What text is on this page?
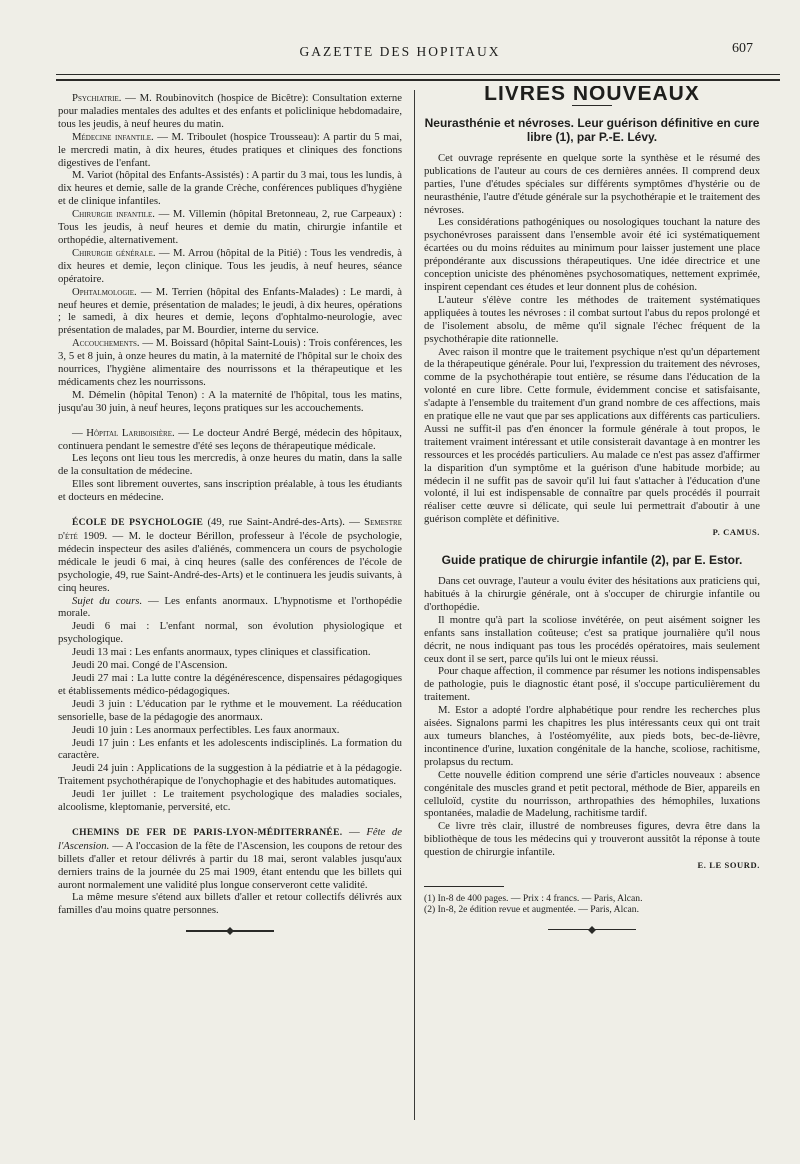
GAZETTE DES HOPITAUX	607

Psychiatrie. — M. Roubinovitch (hospice de Bicêtre): Consultation externe pour maladies mentales des adultes et des enfants et policlinique hebdomadaire, tous les jeudis, à neuf heures du matin.

Médecine infantile. — M. Triboulet (hospice Trousseau): A partir du 5 mai, le mercredi matin, à dix heures, études pratiques et cliniques des fonctions digestives de l'enfant.

M. Variot (hôpital des Enfants-Assistés) : A partir du 3 mai, tous les lundis, à dix heures et demie, salle de la grande Crèche, conférences publiques d'hygiène et de clinique infantiles.

Chirurgie infantile. — M. Villemin (hôpital Bretonneau, 2, rue Carpeaux) : Tous les jeudis, à neuf heures et demie du matin, chirurgie infantile et orthopédie, alternativement.

Chirurgie générale. — M. Arrou (hôpital de la Pitié) : Tous les vendredis, à dix heures et demie, leçon clinique. Tous les jeudis, à neuf heures, séance opératoire.

Ophtalmologie. — M. Terrien (hôpital des Enfants-Malades) : Le mardi, à neuf heures et demie, présentation de malades; le jeudi, à dix heures, opérations ; le samedi, à dix heures et demie, leçons d'ophtalmo-neurologie, avec présentation de malades, par M. Bourdier, interne du service.

Accouchements. — M. Boissard (hôpital Saint-Louis) : Trois conférences, les 3, 5 et 8 juin, à onze heures du matin, à la maternité de l'hôpital sur le choix des nourrices, l'hygiène alimentaire des nourrissons et la thérapeutique et les médicaments chez les nourrissons.

M. Démelin (hôpital Tenon) : A la maternité de l'hôpital, tous les matins, jusqu'au 30 juin, à neuf heures, leçons pratiques sur les accouchements.

— Hôpital Lariboisière. — Le docteur André Bergé, médecin des hôpitaux, continuera pendant le semestre d'été ses leçons de thérapeutique médicale.

Les leçons ont lieu tous les mercredis, à onze heures du matin, dans la salle de la consultation de médecine.

Elles sont librement ouvertes, sans inscription préalable, à tous les étudiants et docteurs en médecine.

ÉCOLE DE PSYCHOLOGIE (49, rue Saint-André-des-Arts). — Semestre d'été 1909. — M. le docteur Bérillon, professeur à l'école de psychologie, médecin inspecteur des asiles d'aliénés, commencera un cours de psychologie médicale le jeudi 6 mai, à cinq heures (salle des conférences de l'école de psychologie, 49, rue Saint-André-des-Arts) et le continuera les jeudis suivants, à cinq heures.

Sujet du cours. — Les enfants anormaux. L'hypnotisme et l'orthopédie morale.

Jeudi 6 mai : L'enfant normal, son évolution physiologique et psychologique.

Jeudi 13 mai : Les enfants anormaux, types cliniques et classification.

Jeudi 20 mai. Congé de l'Ascension.

Jeudi 27 mai : La lutte contre la dégénérescence, dispensaires pédagogiques et établissements médico-pédagogiques.

Jeudi 3 juin : L'éducation par le rythme et le mouvement. La rééducation sensorielle, base de la pédagogie des anormaux.

Jeudi 10 juin : Les anormaux perfectibles. Les faux anormaux.

Jeudi 17 juin : Les enfants et les adolescents indisciplinés. La formation du caractère.

Jeudi 24 juin : Applications de la suggestion à la pédiatrie et à la pédagogie. Traitement psychothérapique de l'onychophagie et des habitudes automatiques.

Jeudi 1er juillet : Le traitement psychologique des maladies sociales, alcoolisme, kleptomanie, perversité, etc.

CHEMINS DE FER DE PARIS-LYON-MÉDITERRANÉE. — Fête de l'Ascension. — A l'occasion de la fête de l'Ascension, les coupons de retour des billets d'aller et retour délivrés à partir du 18 mai, seront valables jusqu'aux derniers trains de la journée du 25 mai 1909, étant entendu que les billets qui auront normalement une validité plus longue conserveront cette validité.

La même mesure s'étend aux billets d'aller et retour collectifs délivrés aux familles d'au moins quatre personnes.

LIVRES NOUVEAUX
Neurasthénie et névroses. Leur guérison définitive en cure libre (1), par P.-E. Lévy.

Cet ouvrage représente en quelque sorte la synthèse et le résumé des publications de l'auteur au cours de ces dernières années. Il comprend deux parties, l'une d'études spéciales sur différents symptômes d'hystérie ou de neurasthénie, l'autre d'étude générale sur la psychothérapie et le traitement des névroses.

Les considérations pathogéniques ou nosologiques touchant la nature des psychonévroses paraissent dans l'ensemble avoir été ici systématiquement écartées ou du moins réduites au minimum pour laisser justement une place prépondérante aux discussions thérapeutiques. Une idée directrice et une conception uniciste des phénomènes psychosomatiques, nettement exprimée, inspirent cependant ces études et leur donnent plus de cohésion.

L'auteur s'élève contre les méthodes de traitement systématiques appliquées à toutes les névroses : il combat surtout l'abus du repos prolongé et de l'isolement absolu, de même qu'il signale l'échec fréquent de la psychothérapie dite rationnelle.

Avec raison il montre que le traitement psychique n'est qu'un département de la thérapeutique générale. Pour lui, l'expression du traitement des névroses, comme de la psychothérapie tout entière, se résume dans l'éducation de la volonté en cure libre. Cette formule, évidemment concise et satisfaisante, s'adapte à l'ensemble du traitement d'un grand nombre de ces affections, mais en pratique elle ne vaut que par ses applications aux différents cas particuliers. Aussi ne suffit-il pas d'en énoncer la formule générale à tout propos, le traitement vraiment intéressant et utile consisterait davantage à en montrer les ressources et les procédés particuliers. Au malade ce n'est pas assez d'affirmer la disparition d'un symptôme et la guérison d'une habitude morbide; au médecin il ne suffit pas de savoir qu'il lui faut s'attacher à l'éducation d'une volonté, il lui est indispensable de connaître par quels procédés il pourrait réaliser cette œuvre si délicate, qui seule lui permettrait d'aboutir à une guérison complète et définitive.

P. CAMUS.
Guide pratique de chirurgie infantile (2), par E. Estor.

Dans cet ouvrage, l'auteur a voulu éviter des hésitations aux praticiens qui, habitués à la chirurgie générale, ont à s'occuper de chirurgie infantile ou d'orthopédie.

Il montre qu'à part la scoliose invétérée, on peut aisément soigner les enfants sans installation coûteuse; c'est sa pratique journalière qu'il nous décrit, ne nous indiquant pas tous les procédés opératoires, mais seulement ceux dont il se sert, parce qu'ils lui ont le mieux réussi.

Pour chaque affection, il commence par résumer les notions indispensables de pathologie, puis le diagnostic étant posé, il s'occupe particulièrement du traitement.

M. Estor a adopté l'ordre alphabétique pour rendre les recherches plus aisées. Signalons parmi les chapitres les plus intéressants ceux qui ont trait aux tumeurs blanches, à l'ostéomyélite, aux pieds bots, bec-de-lièvre, incontinence d'urine, luxation congénitale de la hanche, scoliose, rachitisme, prolapsus du rectum.

Cette nouvelle édition comprend une série d'articles nouveaux : absence congénitale des muscles grand et petit pectoral, méthode de Bier, appareils en celluloïd, cystite du nourrisson, arthropathies des hémophiles, luxations spontanées, maladie de Madelung, rachitisme tardif.

Ce livre très clair, illustré de nombreuses figures, devra être dans la bibliothèque de tous les médecins qui y trouveront aussitôt la réponse à toute question de chirurgie infantile.

E. LE SOURD.

(1) In-8 de 400 pages. — Prix : 4 francs. — Paris, Alcan.

(2) In-8, 2e édition revue et augmentée. — Paris, Alcan.
